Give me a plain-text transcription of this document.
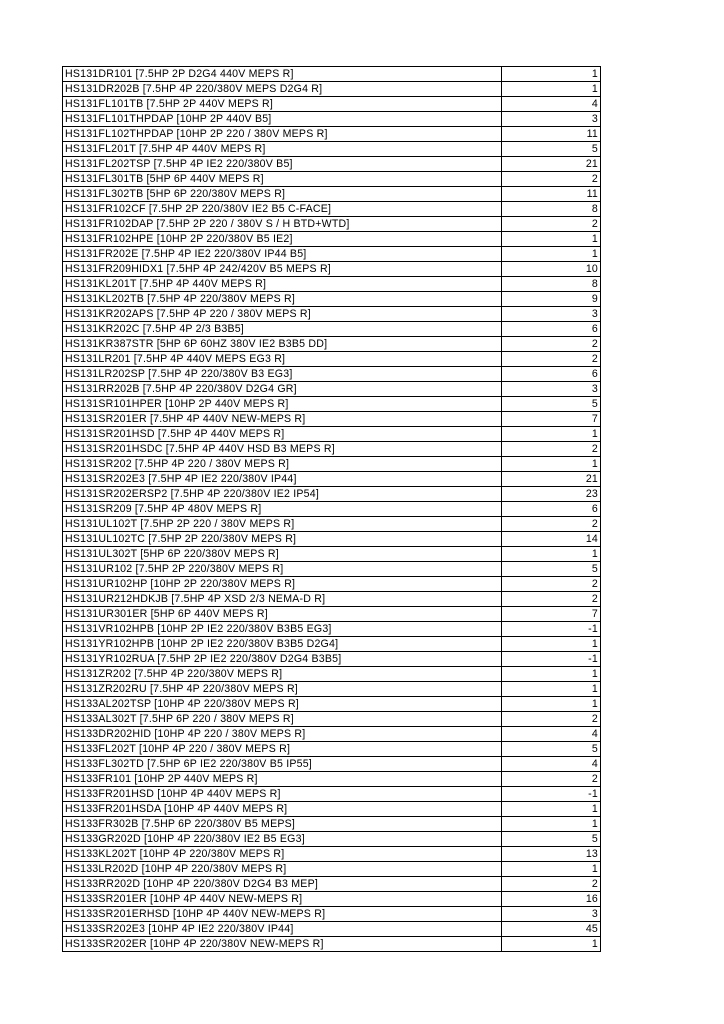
HS131DR101 [7.5HP 2P D2G4 440V MEPS R]	1
HS131DR202B [7.5HP 4P 220/380V MEPS D2G4 R]	1
HS131FL101TB [7.5HP 2P 440V MEPS R]	4
HS131FL101THPDAP [10HP 2P 440V B5]	3
HS131FL102THPDAP [10HP 2P 220 / 380V MEPS R]	11
HS131FL201T [7.5HP 4P 440V MEPS R]	5
HS131FL202TSP [7.5HP 4P IE2 220/380V B5]	21
HS131FL301TB [5HP 6P 440V MEPS R]	2
HS131FL302TB [5HP 6P 220/380V MEPS R]	11
HS131FR102CF [7.5HP 2P 220/380V IE2 B5 C-FACE]	8
HS131FR102DAP [7.5HP 2P 220 / 380V S / H BTD+WTD]	2
HS131FR102HPE [10HP 2P 220/380V B5 IE2]	1
HS131FR202E [7.5HP 4P IE2 220/380V IP44 B5]	1
HS131FR209HIDX1 [7.5HP 4P 242/420V B5 MEPS R]	10
HS131KL201T [7.5HP 4P 440V MEPS R]	8
HS131KL202TB [7.5HP 4P 220/380V MEPS R]	9
HS131KR202APS [7.5HP 4P 220 / 380V MEPS R]	3
HS131KR202C [7.5HP 4P 2/3 B3B5]	6
HS131KR387STR [5HP 6P 60HZ 380V IE2 B3B5 DD]	2
HS131LR201 [7.5HP 4P 440V MEPS EG3 R]	2
HS131LR202SP [7.5HP 4P 220/380V B3 EG3]	6
HS131RR202B [7.5HP 4P 220/380V D2G4 GR]	3
HS131SR101HPER [10HP 2P 440V MEPS R]	5
HS131SR201ER [7.5HP 4P 440V NEW-MEPS R]	7
HS131SR201HSD [7.5HP 4P 440V MEPS R]	1
HS131SR201HSDC [7.5HP 4P 440V HSD B3 MEPS R]	2
HS131SR202 [7.5HP 4P 220 / 380V MEPS R]	1
HS131SR202E3 [7.5HP 4P IE2 220/380V IP44]	21
HS131SR202ERSP2 [7.5HP 4P 220/380V IE2 IP54]	23
HS131SR209 [7.5HP 4P 480V MEPS R]	6
HS131UL102T [7.5HP 2P 220 / 380V MEPS R]	2
HS131UL102TC [7.5HP 2P 220/380V MEPS R]	14
HS131UL302T [5HP 6P 220/380V MEPS R]	1
HS131UR102 [7.5HP 2P 220/380V MEPS R]	5
HS131UR102HP [10HP 2P 220/380V MEPS R]	2
HS131UR212HDKJB [7.5HP 4P XSD 2/3 NEMA-D R]	2
HS131UR301ER [5HP 6P 440V MEPS R]	7
HS131VR102HPB [10HP 2P IE2 220/380V B3B5 EG3]	-1
HS131YR102HPB [10HP 2P IE2 220/380V B3B5 D2G4]	1
HS131YR102RUA [7.5HP 2P IE2 220/380V D2G4 B3B5]	-1
HS131ZR202 [7.5HP 4P 220/380V MEPS R]	1
HS131ZR202RU [7.5HP 4P 220/380V MEPS R]	1
HS133AL202TSP [10HP 4P 220/380V MEPS R]	1
HS133AL302T [7.5HP 6P 220 / 380V MEPS R]	2
HS133DR202HID [10HP 4P 220 / 380V MEPS R]	4
HS133FL202T [10HP 4P 220 / 380V MEPS R]	5
HS133FL302TD [7.5HP 6P IE2 220/380V B5 IP55]	4
HS133FR101 [10HP 2P 440V MEPS R]	2
HS133FR201HSD [10HP 4P 440V MEPS R]	-1
HS133FR201HSDA [10HP 4P 440V MEPS R]	1
HS133FR302B [7.5HP 6P 220/380V B5 MEPS]	1
HS133GR202D [10HP 4P 220/380V IE2 B5 EG3]	5
HS133KL202T [10HP 4P 220/380V MEPS R]	13
HS133LR202D [10HP 4P 220/380V MEPS R]	1
HS133RR202D [10HP 4P 220/380V D2G4 B3 MEP]	2
HS133SR201ER [10HP 4P 440V NEW-MEPS R]	16
HS133SR201ERHSD [10HP 4P 440V NEW-MEPS R]	3
HS133SR202E3 [10HP 4P IE2 220/380V IP44]	45
HS133SR202ER [10HP 4P 220/380V NEW-MEPS R]	1
